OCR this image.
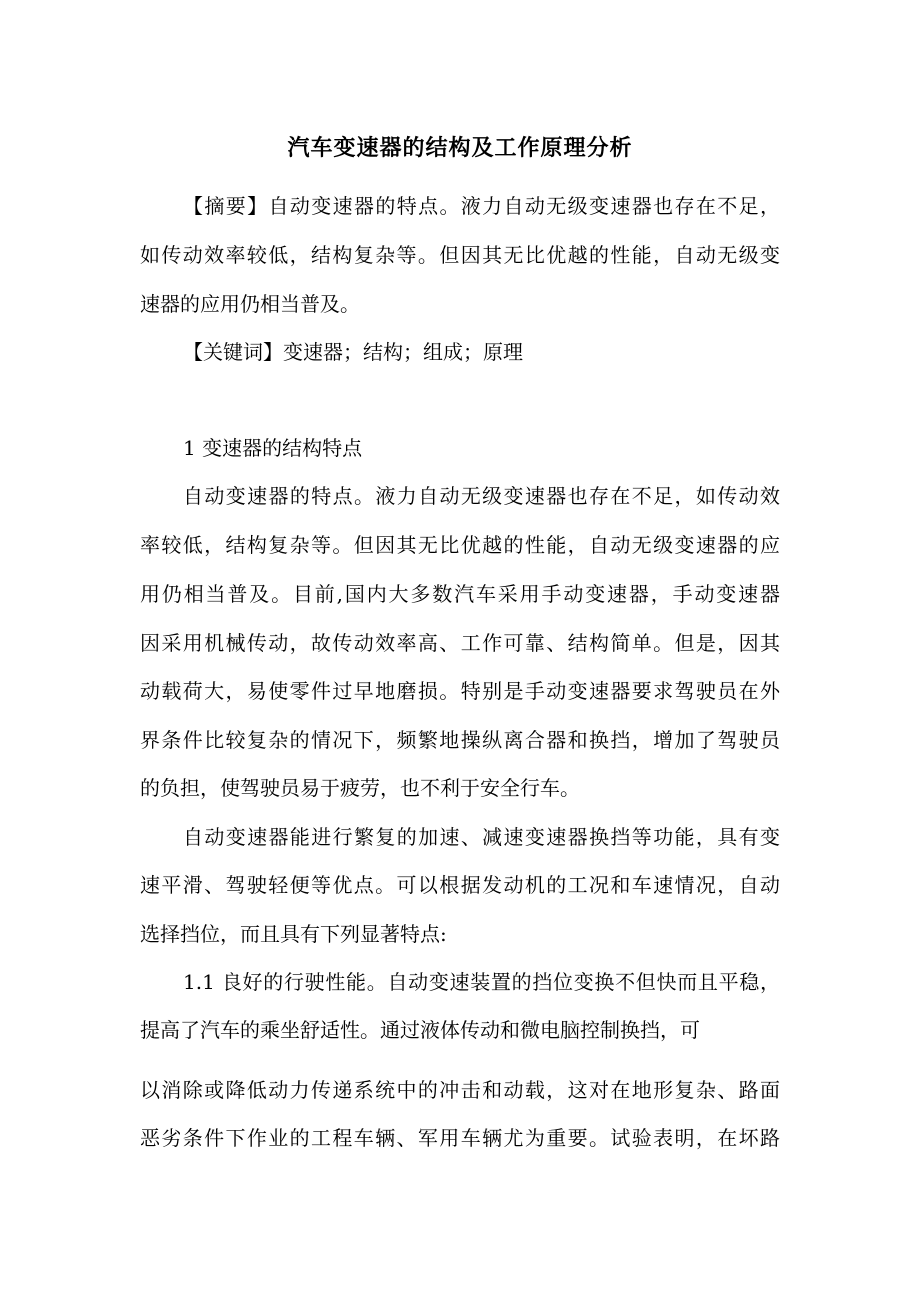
汽车变速器的结构及工作原理分析
【摘要】自动变速器的特点。液力自动无级变速器也存在不足，
如传动效率较低，结构复杂等。但因其无比优越的性能，自动无级变
速器的应用仍相当普及。
【关键词】变速器；结构；组成；原理
1 变速器的结构特点
自动变速器的特点。液力自动无级变速器也存在不足，如传动效
率较低，结构复杂等。但因其无比优越的性能，自动无级变速器的应
用仍相当普及。目前,国内大多数汽车采用手动变速器，手动变速器
因采用机械传动，故传动效率高、工作可靠、结构简单。但是，因其
动载荷大，易使零件过早地磨损。特别是手动变速器要求驾驶员在外
界条件比较复杂的情况下，频繁地操纵离合器和换挡，增加了驾驶员
的负担，使驾驶员易于疲劳，也不利于安全行车。
自动变速器能进行繁复的加速、减速变速器换挡等功能，具有变
速平滑、驾驶轻便等优点。可以根据发动机的工况和车速情况，自动
选择挡位，而且具有下列显著特点:
1.1 良好的行驶性能。自动变速装置的挡位变换不但快而且平稳，
提高了汽车的乘坐舒适性。通过液体传动和微电脑控制换挡，可
以消除或降低动力传递系统中的冲击和动载，这对在地形复杂、路面
恶劣条件下作业的工程车辆、军用车辆尤为重要。试验表明，在坏路
